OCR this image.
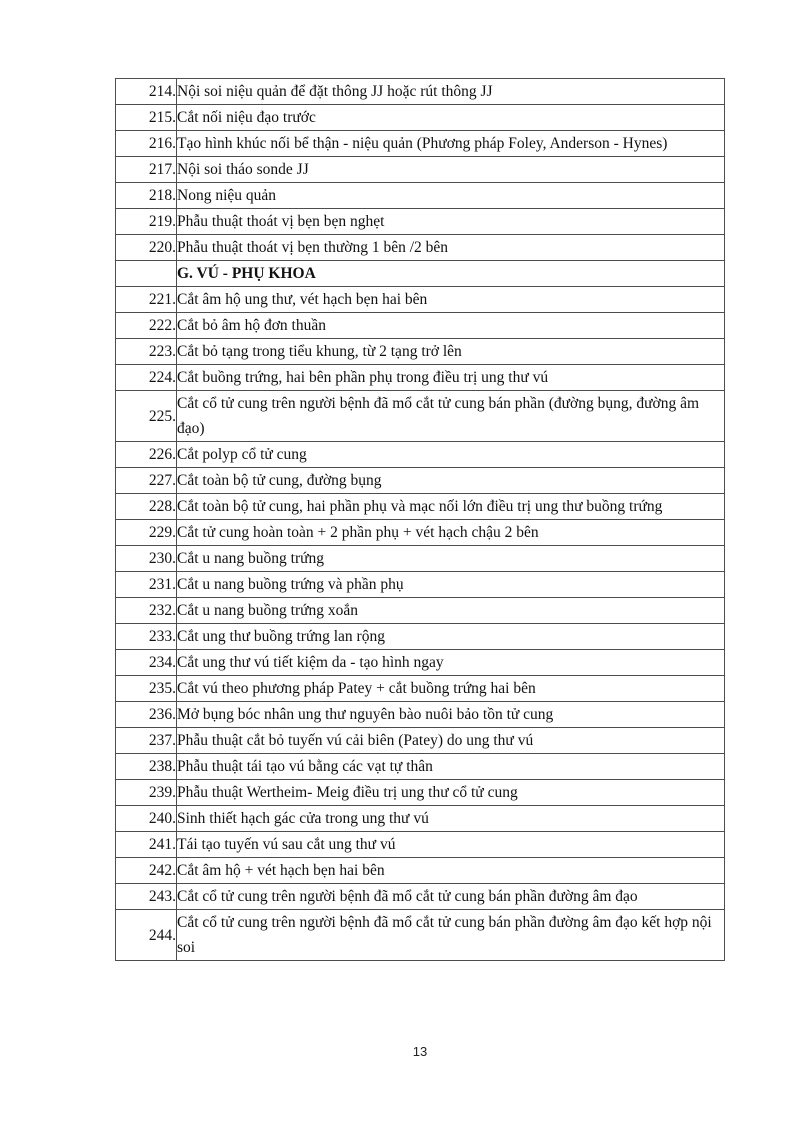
214.	Nội soi niệu quản để đặt thông JJ hoặc rút thông JJ
215.	Cắt nối niệu đạo trước
216.	Tạo hình khúc nối bể thận - niệu quản (Phương pháp Foley, Anderson - Hynes)
217.	Nội soi tháo sonde JJ
218.	Nong niệu quản
219.	Phẫu thuật thoát vị bẹn bẹn nghẹt
220.	Phẫu thuật thoát vị bẹn thường 1 bên /2 bên
	G. VÚ - PHỤ KHOA
221.	Cắt âm hộ ung thư, vét hạch bẹn hai bên
222.	Cắt bỏ âm hộ đơn thuần
223.	Cắt bỏ tạng trong tiểu khung, từ 2 tạng trở lên
224.	Cắt buồng trứng, hai bên phần phụ trong điều trị ung thư vú
225.	Cắt cổ tử cung trên người bệnh đã mổ cắt tử cung bán phần (đường bụng, đường âm đạo)
226.	Cắt polyp cổ tử cung
227.	Cắt toàn bộ tử cung, đường bụng
228.	Cắt toàn bộ tử cung, hai phần phụ và mạc nối lớn điều trị ung thư buồng trứng
229.	Cắt tử cung hoàn toàn + 2 phần phụ + vét hạch chậu 2 bên
230.	Cắt u nang buồng trứng
231.	Cắt u nang buồng trứng và phần phụ
232.	Cắt u nang buồng trứng xoắn
233.	Cắt ung thư buồng trứng lan rộng
234.	Cắt ung thư vú tiết kiệm da - tạo hình ngay
235.	Cắt vú theo phương pháp Patey + cắt buồng trứng hai bên
236.	Mở bụng bóc nhân ung thư nguyên bào nuôi bảo tồn tử cung
237.	Phẫu thuật cắt bỏ tuyến vú cải biên (Patey) do ung thư vú
238.	Phẫu thuật tái tạo vú bằng các vạt tự thân
239.	Phẫu thuật Wertheim- Meig điều trị ung thư cổ tử cung
240.	Sinh thiết hạch gác cửa trong ung thư vú
241.	Tái tạo tuyến vú sau cắt ung thư vú
242.	Cắt âm hộ + vét hạch bẹn hai bên
243.	Cắt cổ tử cung trên người bệnh đã mổ cắt tử cung bán phần đường âm đạo
244.	Cắt cổ tử cung trên người bệnh đã mổ cắt tử cung bán phần đường âm đạo kết hợp nội soi
13
